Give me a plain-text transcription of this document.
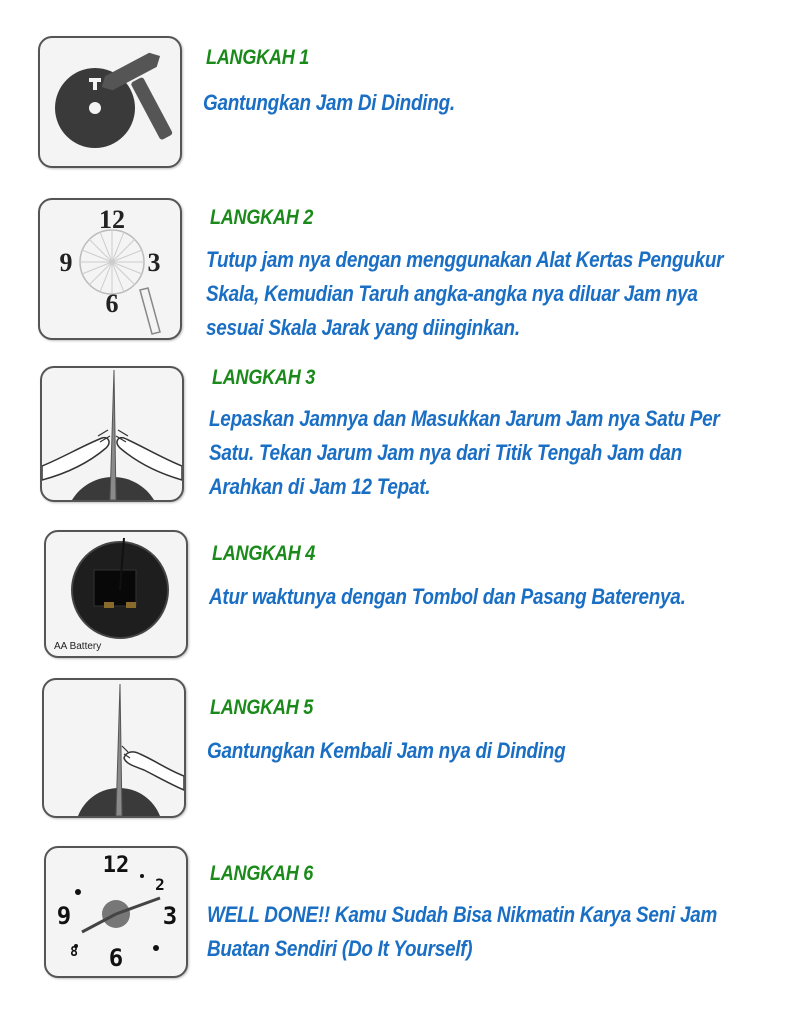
LANGKAH 1
Gantungkan Jam Di Dinding.
12
3
6
9
LANGKAH 2
Tutup jam nya dengan menggunakan Alat Kertas Pengukur
Skala, Kemudian Taruh angka-angka nya diluar Jam nya
sesuai Skala Jarak yang diinginkan.
LANGKAH 3
Lepaskan Jamnya dan Masukkan Jarum Jam nya Satu Per
Satu. Tekan Jarum Jam nya dari Titik Tengah Jam dan
Arahkan di Jam 12 Tepat.
AA Battery
LANGKAH 4
Atur waktunya dengan Tombol dan Pasang Baterenya.
LANGKAH 5
Gantungkan Kembali Jam nya di Dinding
12
2
3
6
8
9
LANGKAH 6
WELL DONE!! Kamu Sudah Bisa Nikmatin Karya Seni Jam
Buatan Sendiri (Do It Yourself)
